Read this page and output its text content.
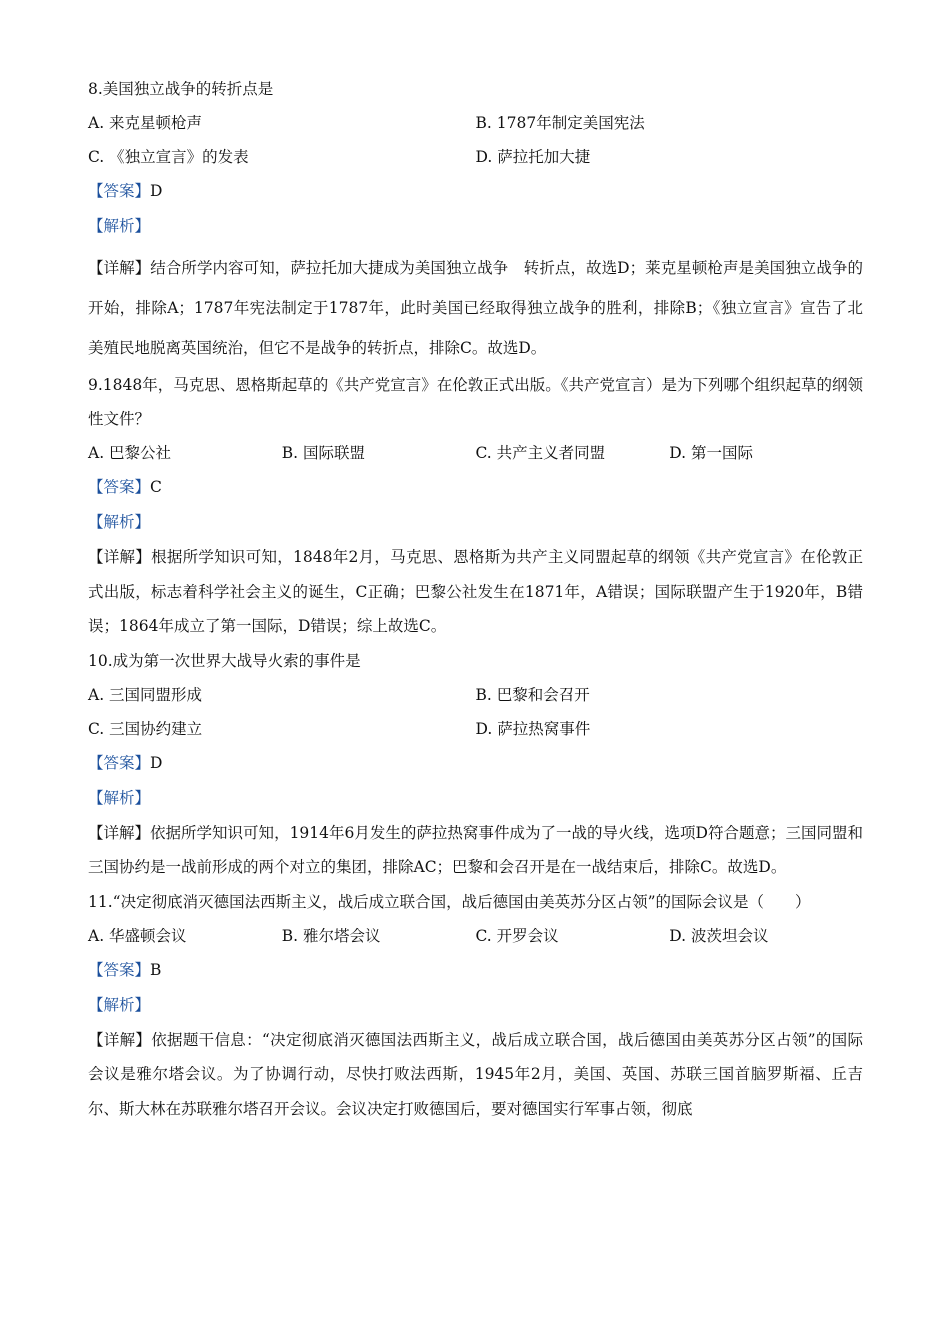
8.美国独立战争的转折点是

A. 来克星顿枪声	B. 1787年制定美国宪法
C. 《独立宣言》的发表	D. 萨拉托加大捷
【答案】D
【解析】

【详解】结合所学内容可知，萨拉托加大捷成为美国独立战争　转折点，故选D；莱克星顿枪声是美国独立战争的开始，排除A；1787年宪法制定于1787年，此时美国已经取得独立战争的胜利，排除B；《独立宣言》宣告了北美殖民地脱离英国统治，但它不是战争的转折点，排除C。故选D。

9.1848年，马克思、恩格斯起草的《共产党宣言》在伦敦正式出版。《共产党宣言）是为下列哪个组织起草的纲领性文件？

A. 巴黎公社	B. 国际联盟	C. 共产主义者同盟	D. 第一国际
【答案】C
【解析】

【详解】根据所学知识可知，1848年2月，马克思、恩格斯为共产主义同盟起草的纲领《共产党宣言》在伦敦正式出版，标志着科学社会主义的诞生，C正确；巴黎公社发生在1871年，A错误；国际联盟产生于1920年，B错误；1864年成立了第一国际，D错误；综上故选C。

10.成为第一次世界大战导火索的事件是

A. 三国同盟形成	B. 巴黎和会召开
C. 三国协约建立	D. 萨拉热窝事件
【答案】D
【解析】

【详解】依据所学知识可知，1914年6月发生的萨拉热窝事件成为了一战的导火线，选项D符合题意；三国同盟和三国协约是一战前形成的两个对立的集团，排除AC；巴黎和会召开是在一战结束后，排除C。故选D。

11.“决定彻底消灭德国法西斯主义，战后成立联合国，战后德国由美英苏分区占领”的国际会议是（　　）

A. 华盛顿会议	B. 雅尔塔会议	C. 开罗会议	D. 波茨坦会议
【答案】B
【解析】

【详解】依据题干信息：“决定彻底消灭德国法西斯主义，战后成立联合国，战后德国由美英苏分区占领”的国际会议是雅尔塔会议。为了协调行动，尽快打败法西斯，1945年2月，美国、英国、苏联三国首脑罗斯福、丘吉尔、斯大林在苏联雅尔塔召开会议。会议决定打败德国后，要对德国实行军事占领，彻底
